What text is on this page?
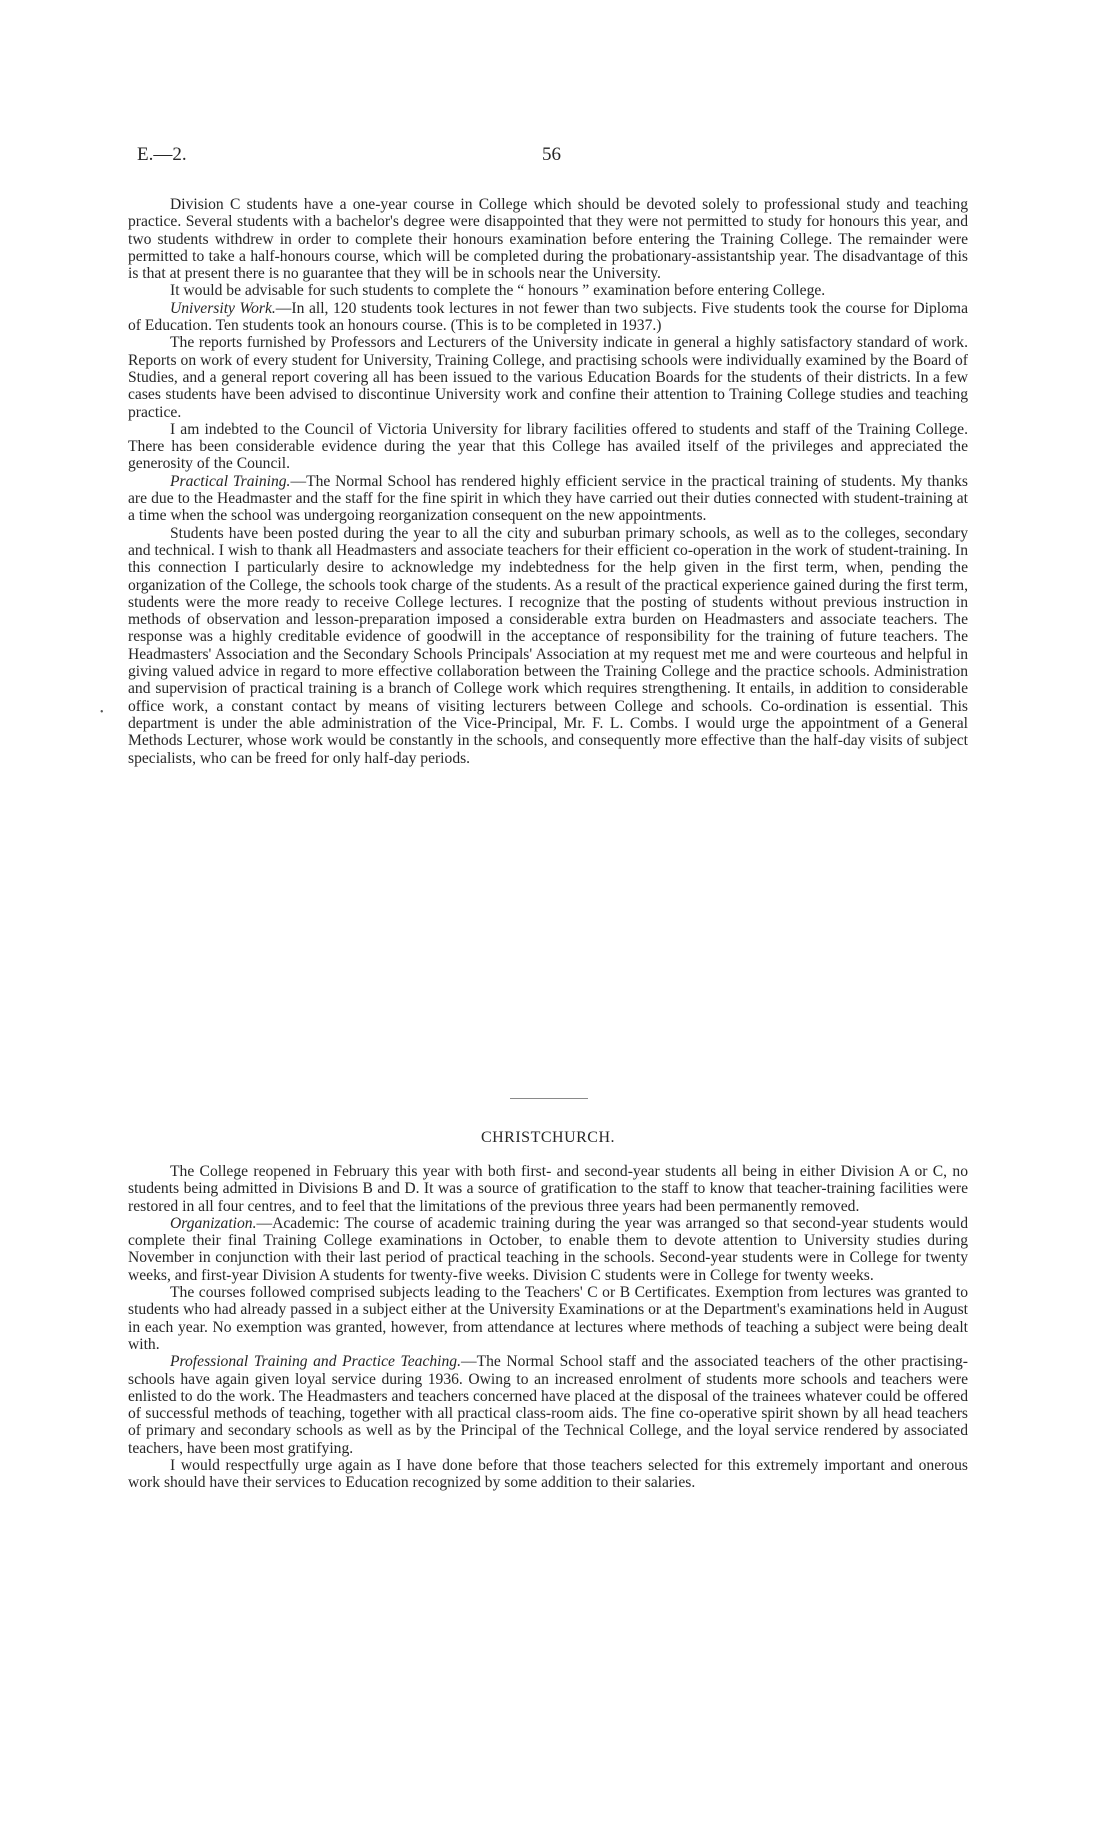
E.—2.	56
•

Division C students have a one-year course in College which should be devoted solely to professional study and teaching practice. Several students with a bachelor's degree were disappointed that they were not permitted to study for honours this year, and two students withdrew in order to complete their honours examination before entering the Training College. The remainder were permitted to take a half-honours course, which will be completed during the probationary-assistantship year. The disadvantage of this is that at present there is no guarantee that they will be in schools near the University.

It would be advisable for such students to complete the “ honours ” examination before entering College.

University Work.—In all, 120 students took lectures in not fewer than two subjects. Five students took the course for Diploma of Education. Ten students took an honours course. (This is to be completed in 1937.)

The reports furnished by Professors and Lecturers of the University indicate in general a highly satisfactory standard of work. Reports on work of every student for University, Training College, and practising schools were individually examined by the Board of Studies, and a general report covering all has been issued to the various Education Boards for the students of their districts. In a few cases students have been advised to discontinue University work and confine their attention to Training College studies and teaching practice.

I am indebted to the Council of Victoria University for library facilities offered to students and staff of the Training College. There has been considerable evidence during the year that this College has availed itself of the privileges and appreciated the generosity of the Council.

Practical Training.—The Normal School has rendered highly efficient service in the practical training of students. My thanks are due to the Headmaster and the staff for the fine spirit in which they have carried out their duties connected with student-training at a time when the school was undergoing reorganization consequent on the new appointments.

Students have been posted during the year to all the city and suburban primary schools, as well as to the colleges, secondary and technical. I wish to thank all Headmasters and associate teachers for their efficient co-operation in the work of student-training. In this connection I particularly desire to acknowledge my indebtedness for the help given in the first term, when, pending the organization of the College, the schools took charge of the students. As a result of the practical experience gained during the first term, students were the more ready to receive College lectures. I recognize that the posting of students without previous instruction in methods of observation and lesson-preparation imposed a considerable extra burden on Headmasters and associate teachers. The response was a highly creditable evidence of goodwill in the acceptance of responsibility for the training of future teachers. The Headmasters' Association and the Secondary Schools Principals' Association at my request met me and were courteous and helpful in giving valued advice in regard to more effective collaboration between the Training College and the practice schools. Administration and supervision of practical training is a branch of College work which requires strengthening. It entails, in addition to considerable office work, a constant contact by means of visiting lecturers between College and schools. Co-ordination is essential. This department is under the able administration of the Vice-Principal, Mr. F. L. Combs. I would urge the appointment of a General Methods Lecturer, whose work would be constantly in the schools, and consequently more effective than the half-day visits of subject specialists, who can be freed for only half-day periods.

CHRISTCHURCH.

The College reopened in February this year with both first- and second-year students all being in either Division A or C, no students being admitted in Divisions B and D. It was a source of gratification to the staff to know that teacher-training facilities were restored in all four centres, and to feel that the limitations of the previous three years had been permanently removed.

Organization.—Academic: The course of academic training during the year was arranged so that second-year students would complete their final Training College examinations in October, to enable them to devote attention to University studies during November in conjunction with their last period of practical teaching in the schools. Second-year students were in College for twenty weeks, and first-year Division A students for twenty-five weeks. Division C students were in College for twenty weeks.

The courses followed comprised subjects leading to the Teachers' C or B Certificates. Exemption from lectures was granted to students who had already passed in a subject either at the University Examinations or at the Department's examinations held in August in each year. No exemption was granted, however, from attendance at lectures where methods of teaching a subject were being dealt with.

Professional Training and Practice Teaching.—The Normal School staff and the associated teachers of the other practising-schools have again given loyal service during 1936. Owing to an increased enrolment of students more schools and teachers were enlisted to do the work. The Headmasters and teachers concerned have placed at the disposal of the trainees whatever could be offered of successful methods of teaching, together with all practical class-room aids. The fine co-operative spirit shown by all head teachers of primary and secondary schools as well as by the Principal of the Technical College, and the loyal service rendered by associated teachers, have been most gratifying.

I would respectfully urge again as I have done before that those teachers selected for this extremely important and onerous work should have their services to Education recognized by some addition to their salaries.
